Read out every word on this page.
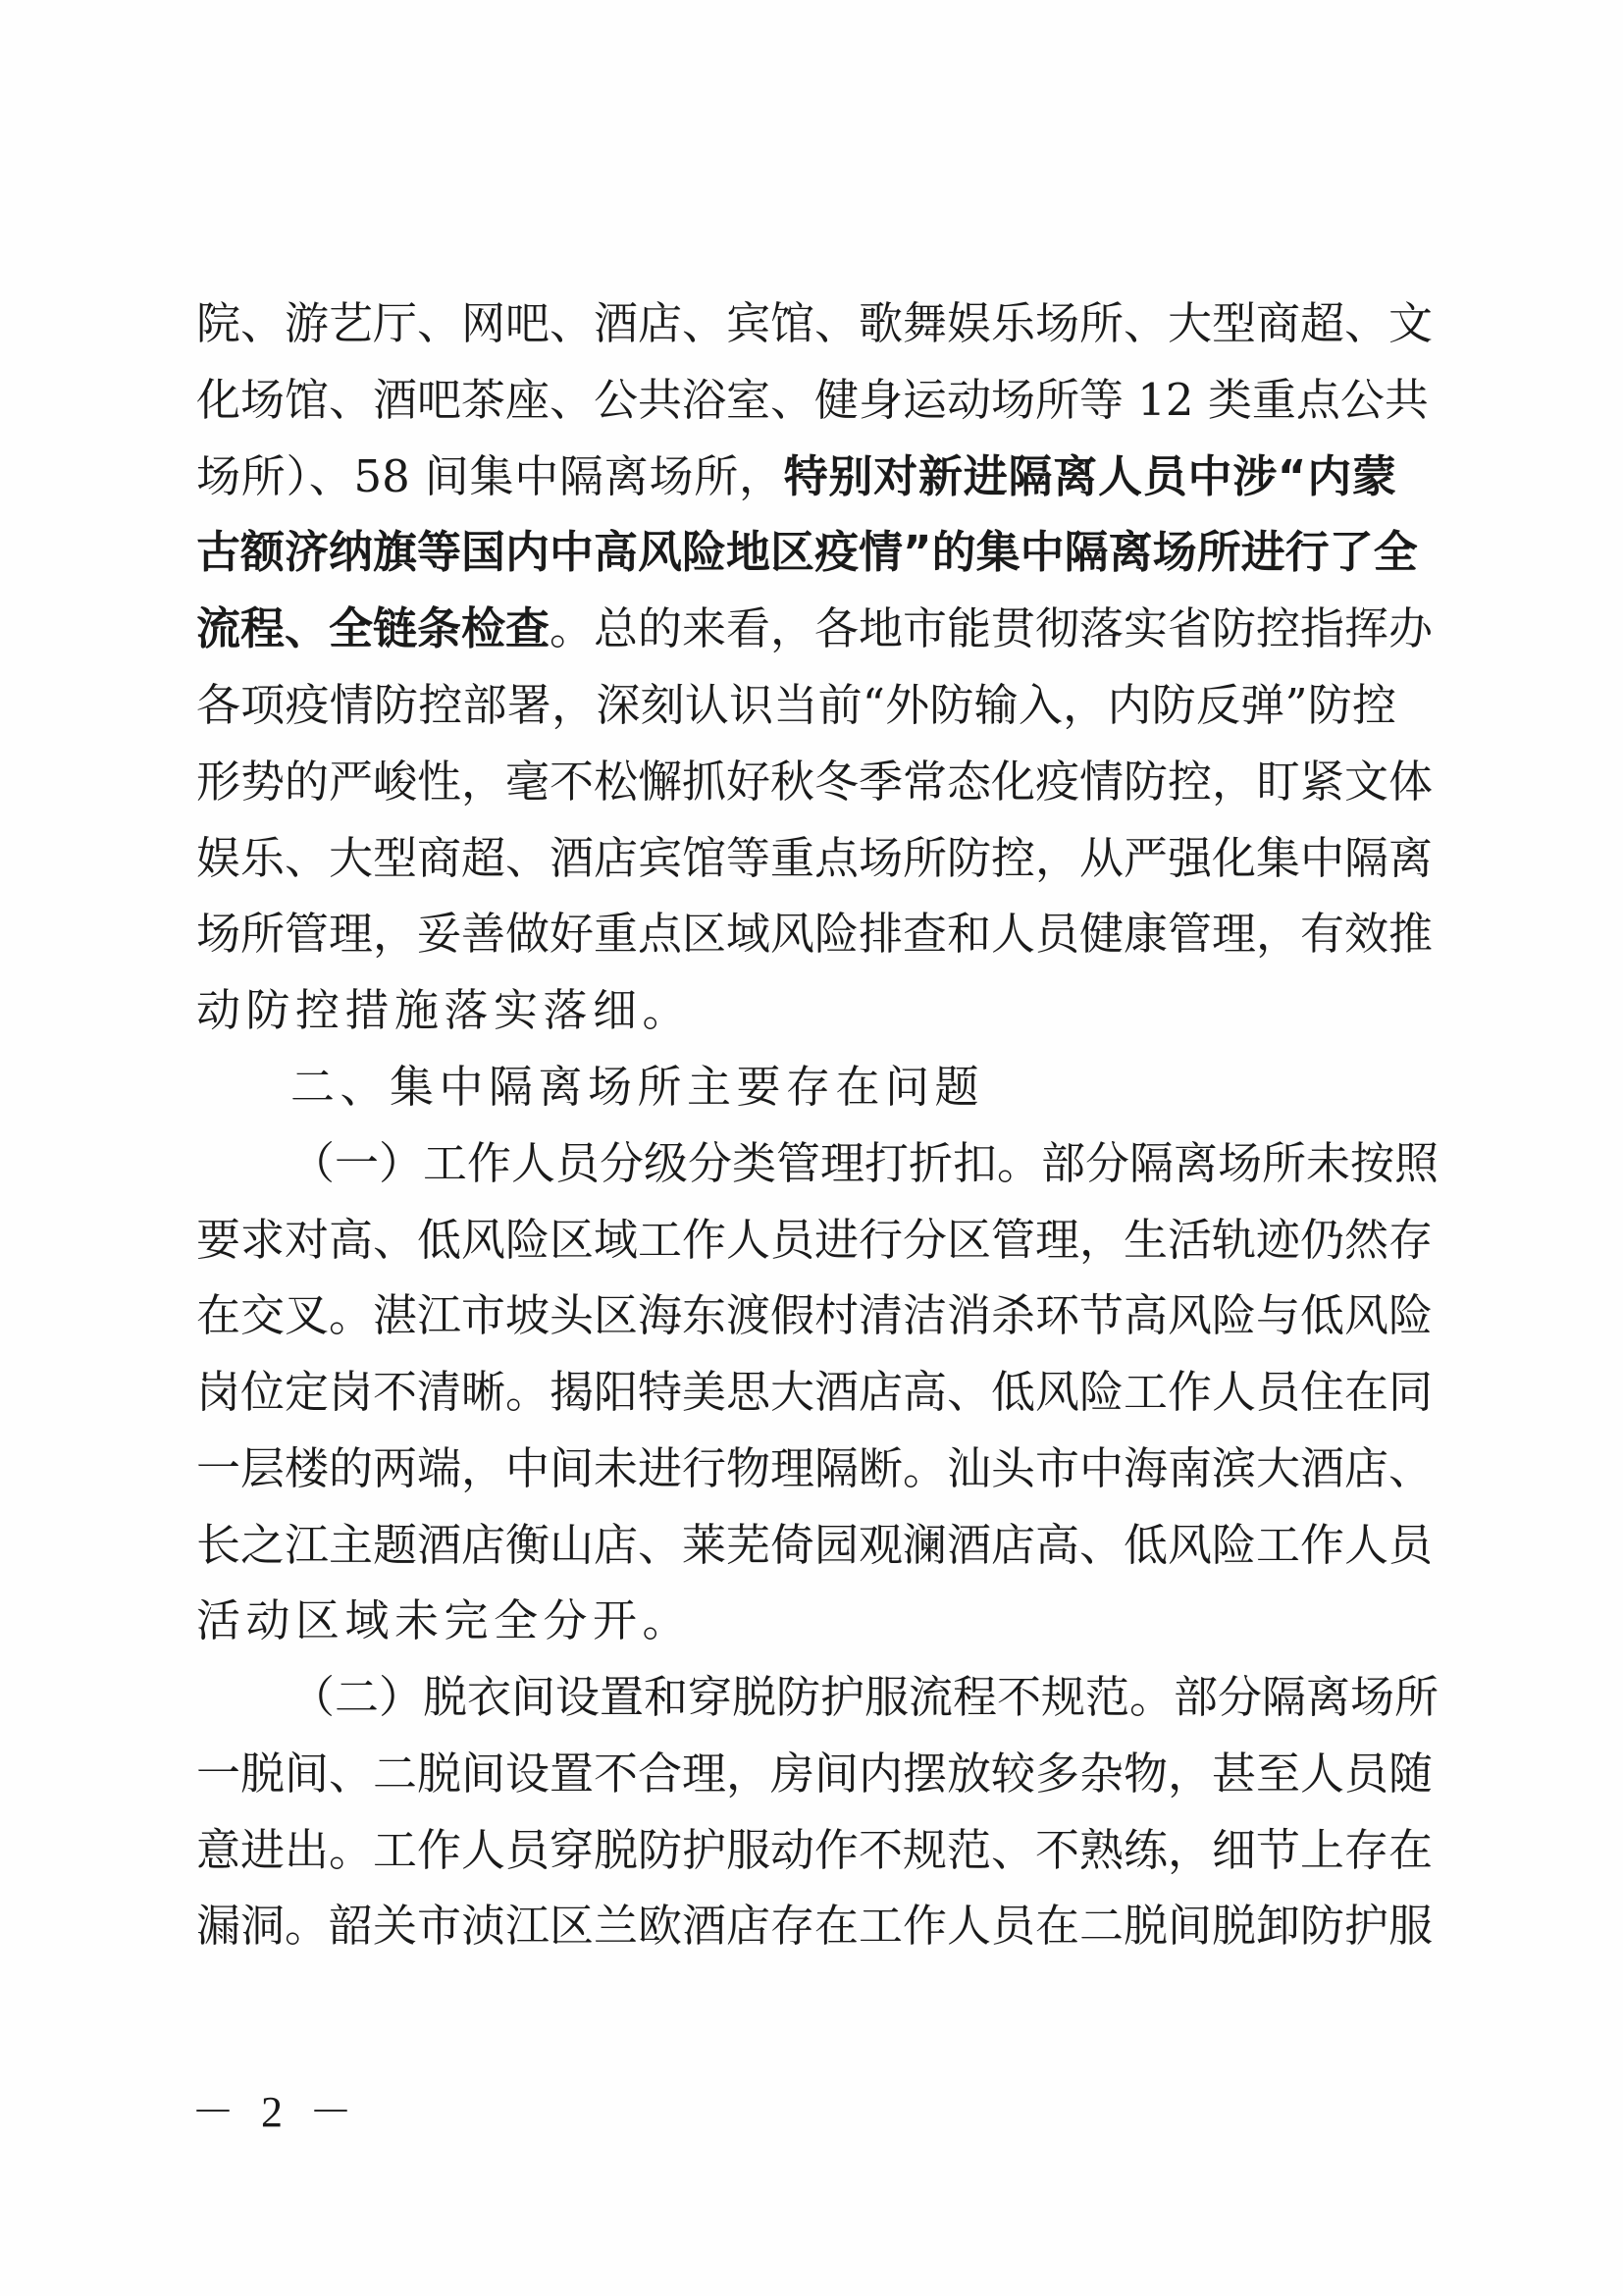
院、游艺厅、网吧、酒店、宾馆、歌舞娱乐场所、大型商超、文
化场馆、酒吧茶座、公共浴室、健身运动场所等 12 类重点公共
场所）、58 间集中隔离场所，特别对新进隔离人员中涉“内蒙
古额济纳旗等国内中高风险地区疫情”的集中隔离场所进行了全
流程、全链条检查。总的来看，各地市能贯彻落实省防控指挥办
各项疫情防控部署，深刻认识当前“外防输入，内防反弹”防控
形势的严峻性，毫不松懈抓好秋冬季常态化疫情防控，盯紧文体
娱乐、大型商超、酒店宾馆等重点场所防控，从严强化集中隔离
场所管理，妥善做好重点区域风险排查和人员健康管理，有效推
动防控措施落实落细。
二、集中隔离场所主要存在问题
（一）工作人员分级分类管理打折扣。部分隔离场所未按照
要求对高、低风险区域工作人员进行分区管理，生活轨迹仍然存
在交叉。湛江市坡头区海东渡假村清洁消杀环节高风险与低风险
岗位定岗不清晰。揭阳特美思大酒店高、低风险工作人员住在同
一层楼的两端，中间未进行物理隔断。汕头市中海南滨大酒店、
长之江主题酒店衡山店、莱芜倚园观澜酒店高、低风险工作人员
活动区域未完全分开。
（二）脱衣间设置和穿脱防护服流程不规范。部分隔离场所
一脱间、二脱间设置不合理，房间内摆放较多杂物，甚至人员随
意进出。工作人员穿脱防护服动作不规范、不熟练，细节上存在
漏洞。韶关市浈江区兰欧酒店存在工作人员在二脱间脱卸防护服
－ 2 －
